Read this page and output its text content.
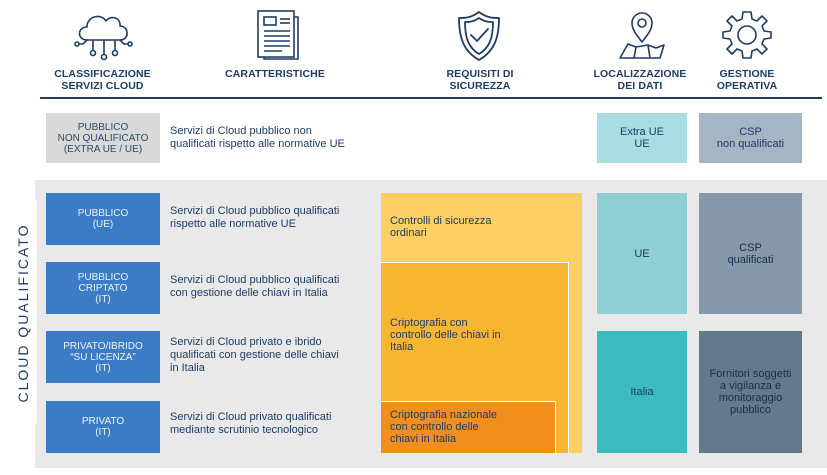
CLASSIFICAZIONE
SERVIZI CLOUD
CARATTERISTICHE	REQUISITI DI
SICUREZZA
LOCALIZZAZIONE
DEI DATI
GESTIONE
OPERATIVA
PUBBLICO
NON QUALIFICATO
(EXTRA UE / UE)
Servizi di Cloud pubblico non
qualificati rispetto alle normative UE
Extra UE
UE
CSP
non qualificati
CLOUD QUALIFICATO
PUBBLICO
(UE)
PUBBLICO
CRIPTATO
(IT)
PRIVATO/IBRIDO
“SU LICENZA”
(IT)
PRIVATO
(IT)
Servizi di Cloud pubblico qualificati
rispetto alle normative UE
Servizi di Cloud pubblico qualificati
con gestione delle chiavi in Italia
Servizi di Cloud privato e ibrido
qualificati con gestione delle chiavi
in Italia
Servizi di Cloud privato qualificati
mediante scrutinio tecnologico
Controlli di sicurezza
ordinari
Criptografia con
controllo delle chiavi in
Italia
Criptografia nazionale
con controllo delle
chiavi in Italia
UE
Italia
CSP
qualificati
Fornitori soggetti
a vigilanza e
monitoraggio
pubblico
